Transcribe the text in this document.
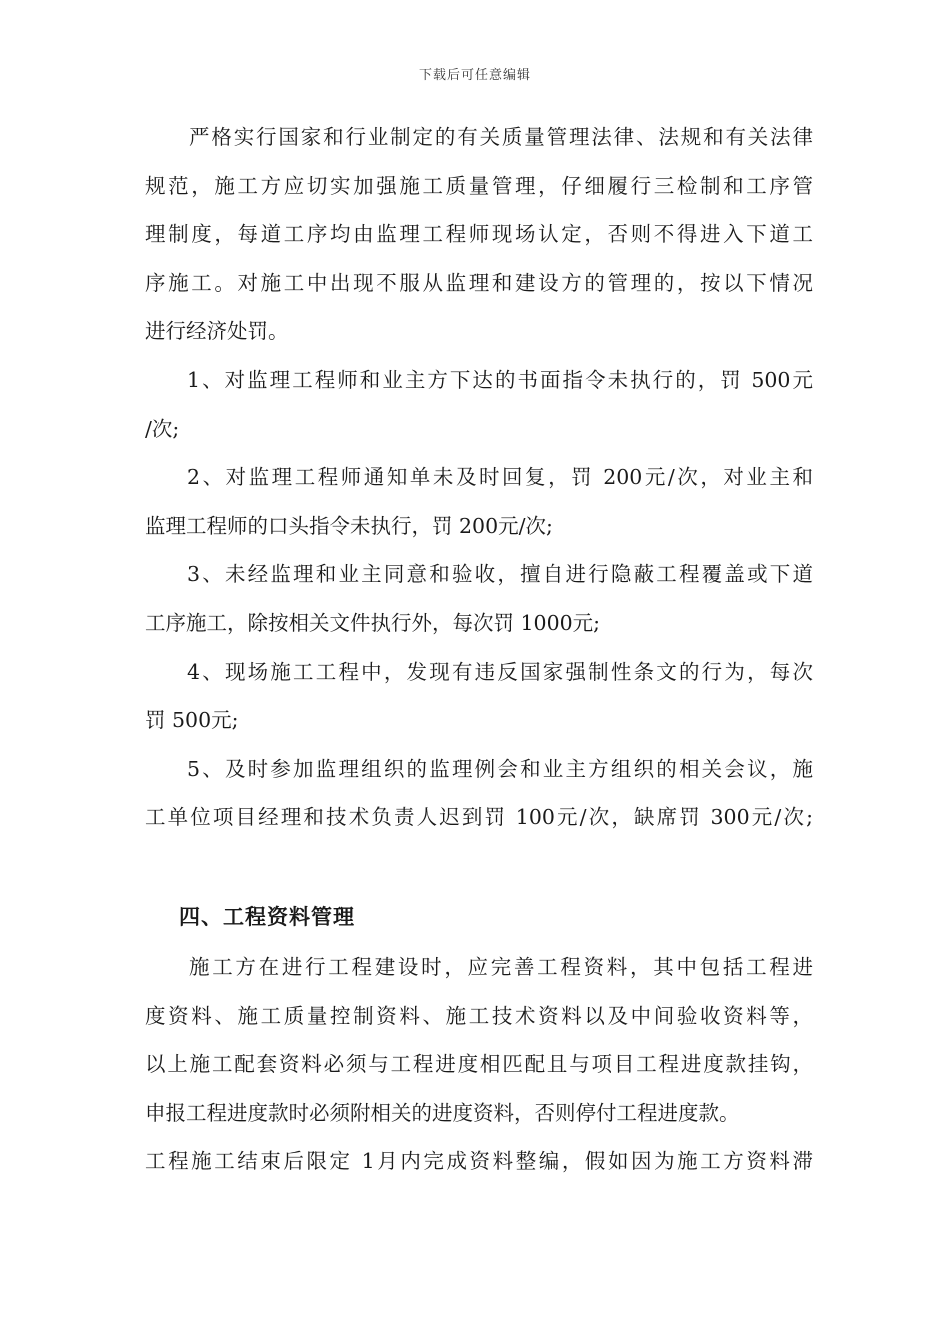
下载后可任意编辑
严格实行国家和行业制定的有关质量管理法律、法规和有关法律
规范，施工方应切实加强施工质量管理，仔细履行三检制和工序管
理制度，每道工序均由监理工程师现场认定，否则不得进入下道工
序施工。对施工中出现不服从监理和建设方的管理的，按以下情况
进行经济处罚。
1、对监理工程师和业主方下达的书面指令未执行的，罚 500元
/次;
2、对监理工程师通知单未及时回复，罚 200元/次，对业主和
监理工程师的口头指令未执行，罚 200元/次;
3、未经监理和业主同意和验收，擅自进行隐蔽工程覆盖或下道
工序施工，除按相关文件执行外，每次罚 1000元;
4、现场施工工程中，发现有违反国家强制性条文的行为，每次
罚 500元;
5、及时参加监理组织的监理例会和业主方组织的相关会议，施
工单位项目经理和技术负责人迟到罚 100元/次，缺席罚 300元/次;
四、工程资料管理
施工方在进行工程建设时，应完善工程资料，其中包括工程进
度资料、施工质量控制资料、施工技术资料以及中间验收资料等，
以上施工配套资料必须与工程进度相匹配且与项目工程进度款挂钩，
申报工程进度款时必须附相关的进度资料，否则停付工程进度款。
工程施工结束后限定 1月内完成资料整编，假如因为施工方资料滞
